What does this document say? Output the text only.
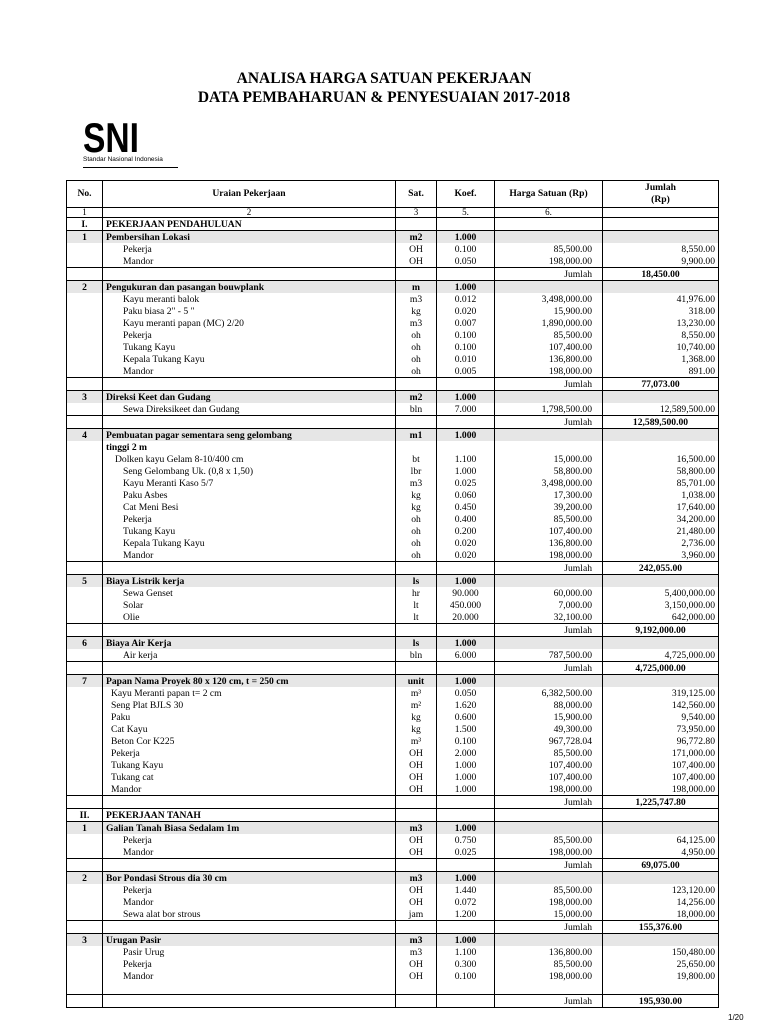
ANALISA HARGA SATUAN PEKERJAAN
DATA PEMBAHARUAN & PENYESUAIAN 2017-2018
SNI
Standar Nasional Indonesia
No.	Uraian Pekerjaan	Sat.	Koef.	Harga Satuan (Rp)	Jumlah
(Rp)
1	2	3	5.	6.	
I.	PEKERJAAN PENDAHULUAN				
1	Pembersihan Lokasi	m2	1.000		
	Pekerja	OH	0.100	85,500.00	8,550.00
	Mandor	OH	0.050	198,000.00	9,900.00
				Jumlah	18,450.00
2	Pengukuran dan pasangan bouwplank	m	1.000		
	Kayu meranti balok	m3	0.012	3,498,000.00	41,976.00
	Paku biasa 2" - 5 "	kg	0.020	15,900.00	318.00
	Kayu meranti papan (MC) 2/20	m3	0.007	1,890,000.00	13,230.00
	Pekerja	oh	0.100	85,500.00	8,550.00
	Tukang Kayu	oh	0.100	107,400.00	10,740.00
	Kepala Tukang Kayu	oh	0.010	136,800.00	1,368.00
	Mandor	oh	0.005	198,000.00	891.00
				Jumlah	77,073.00
3	Direksi Keet dan Gudang	m2	1.000		
	Sewa Direksikeet dan Gudang	bln	7.000	1,798,500.00	12,589,500.00
				Jumlah	12,589,500.00
4	Pembuatan pagar sementara seng gelombang	m1	1.000		
	tinggi 2 m				
	Dolken kayu Gelam 8-10/400 cm	bt	1.100	15,000.00	16,500.00
	Seng Gelombang Uk. (0,8 x 1,50)	lbr	1.000	58,800.00	58,800.00
	Kayu Meranti Kaso 5/7	m3	0.025	3,498,000.00	85,701.00
	Paku Asbes	kg	0.060	17,300.00	1,038.00
	Cat Meni Besi	kg	0.450	39,200.00	17,640.00
	Pekerja	oh	0.400	85,500.00	34,200.00
	Tukang Kayu	oh	0.200	107,400.00	21,480.00
	Kepala Tukang Kayu	oh	0.020	136,800.00	2,736.00
	Mandor	oh	0.020	198,000.00	3,960.00
				Jumlah	242,055.00
5	Biaya Listrik kerja	ls	1.000		
	Sewa Genset	hr	90.000	60,000.00	5,400,000.00
	Solar	lt	450.000	7,000.00	3,150,000.00
	Olie	lt	20.000	32,100.00	642,000.00
				Jumlah	9,192,000.00
6	Biaya Air Kerja	ls	1.000		
	Air kerja	bln	6.000	787,500.00	4,725,000.00
				Jumlah	4,725,000.00
7	Papan Nama Proyek 80 x 120 cm, t = 250 cm	unit	1.000		
	Kayu Meranti papan t= 2 cm	m³	0.050	6,382,500.00	319,125.00
	Seng Plat BJLS 30	m²	1.620	88,000.00	142,560.00
	Paku	kg	0.600	15,900.00	9,540.00
	Cat Kayu	kg	1.500	49,300.00	73,950.00
	Beton Cor K225	m³	0.100	967,728.04	96,772.80
	Pekerja	OH	2.000	85,500.00	171,000.00
	Tukang Kayu	OH	1.000	107,400.00	107,400.00
	Tukang cat	OH	1.000	107,400.00	107,400.00
	Mandor	OH	1.000	198,000.00	198,000.00
				Jumlah	1,225,747.80
II.	PEKERJAAN TANAH				
1	Galian Tanah Biasa Sedalam 1m	m3	1.000		
	Pekerja	OH	0.750	85,500.00	64,125.00
	Mandor	OH	0.025	198,000.00	4,950.00
				Jumlah	69,075.00
2	Bor Pondasi Strous dia 30 cm	m3	1.000		
	Pekerja	OH	1.440	85,500.00	123,120.00
	Mandor	OH	0.072	198,000.00	14,256.00
	Sewa alat bor strous	jam	1.200	15,000.00	18,000.00
				Jumlah	155,376.00
3	Urugan Pasir	m3	1.000		
	Pasir Urug	m3	1.100	136,800.00	150,480.00
	Pekerja	OH	0.300	85,500.00	25,650.00
	Mandor	OH	0.100	198,000.00	19,800.00

				Jumlah	195,930.00
1/20
